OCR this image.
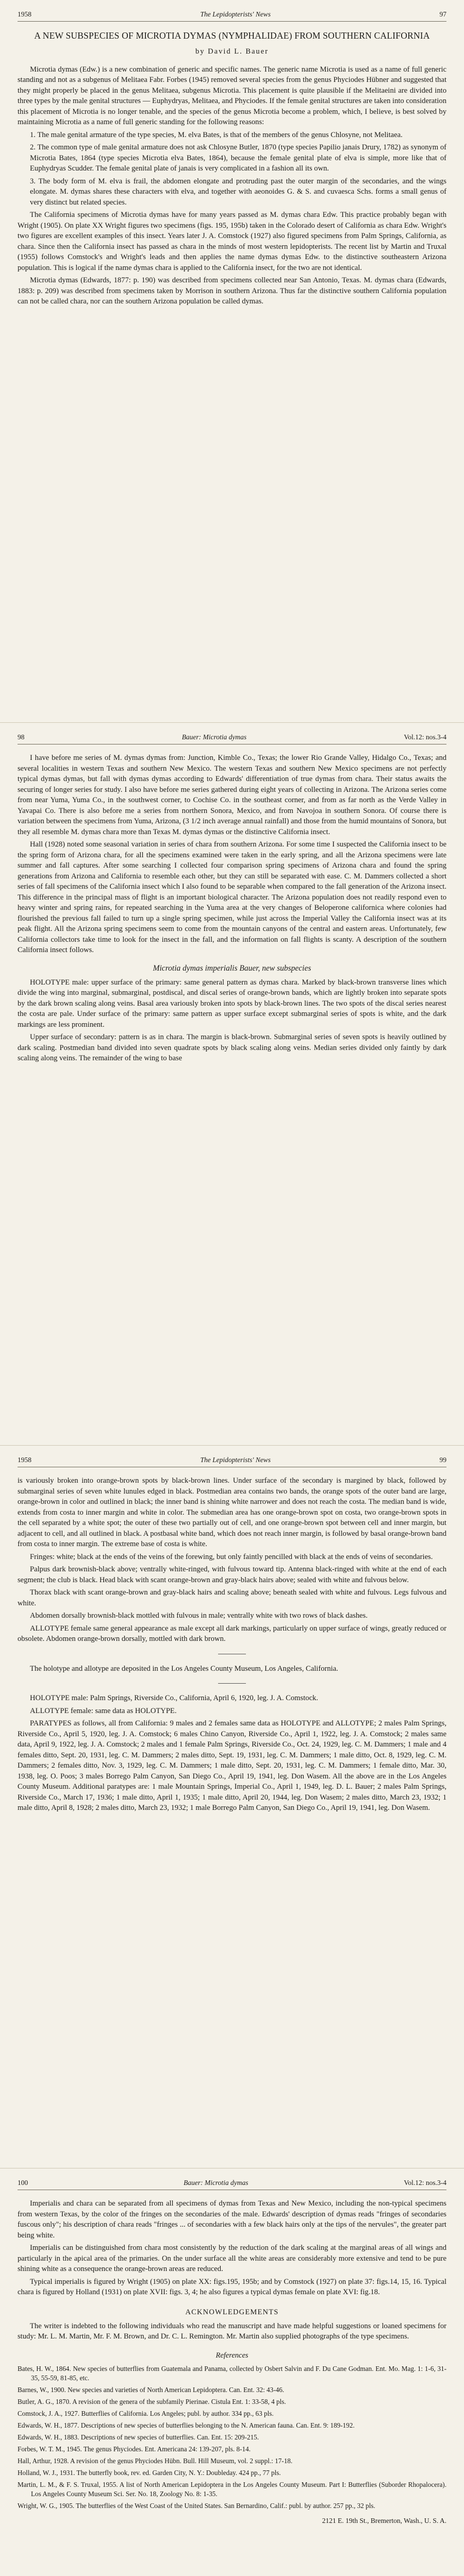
1958	The Lepidopterists' News	97
A NEW SUBSPECIES OF MICROTIA DYMAS (NYMPHALIDAE) FROM SOUTHERN CALIFORNIA
by David L. Bauer

Microtia dymas (Edw.) is a new combination of generic and specific names. The generic name Microtia is used as a name of full generic standing and not as a subgenus of Melitaea Fabr. Forbes (1945) removed several species from the genus Phyciodes Hübner and suggested that they might properly be placed in the genus Melitaea, subgenus Microtia. This placement is quite plausible if the Melitaeini are divided into three types by the male genital structures — Euphydryas, Melitaea, and Phyciodes. If the female genital structures are taken into consideration this placement of Microtia is no longer tenable, and the species of the genus Microtia become a problem, which, I believe, is best solved by maintaining Microtia as a name of full generic standing for the following reasons:

1. The male genital armature of the type species, M. elva Bates, is that of the members of the genus Chlosyne, not Melitaea.

2. The common type of male genital armature does not ask Chlosyne Butler, 1870 (type species Papilio janais Drury, 1782) as synonym of Microtia Bates, 1864 (type species Microtia elva Bates, 1864), because the female genital plate of elva is simple, more like that of Euphydryas Scudder. The female genital plate of janais is very complicated in a fashion all its own.

3. The body form of M. elva is frail, the abdomen elongate and protruding past the outer margin of the secondaries, and the wings elongate. M. dymas shares these characters with elva, and together with aeonoides G. & S. and cuvaesca Schs. forms a small genus of very distinct but related species.

The California specimens of Microtia dymas have for many years passed as M. dymas chara Edw. This practice probably began with Wright (1905). On plate XX Wright figures two specimens (figs. 195, 195b) taken in the Colorado desert of California as chara Edw. Wright's two figures are excellent examples of this insect. Years later J. A. Comstock (1927) also figured specimens from Palm Springs, California, as chara. Since then the California insect has passed as chara in the minds of most western lepidopterists. The recent list by Martin and Truxal (1955) follows Comstock's and Wright's leads and then applies the name dymas dymas Edw. to the distinctive southeastern Arizona population. This is logical if the name dymas chara is applied to the California insect, for the two are not identical.

Microtia dymas (Edwards, 1877: p. 190) was described from specimens collected near San Antonio, Texas. M. dymas chara (Edwards, 1883: p. 209) was described from specimens taken by Morrison in southern Arizona. Thus far the distinctive southern California population can not be called chara, nor can the southern Arizona population be called dymas.

98	Bauer: Microtia dymas	Vol.12: nos.3-4

I have before me series of M. dymas dymas from: Junction, Kimble Co., Texas; the lower Rio Grande Valley, Hidalgo Co., Texas; and several localities in western Texas and southern New Mexico. The western Texas and southern New Mexico specimens are not perfectly typical dymas dymas, but fall with dymas dymas according to Edwards' differentiation of true dymas from chara. Their status awaits the securing of longer series for study. I also have before me series gathered during eight years of collecting in Arizona. The Arizona series come from near Yuma, Yuma Co., in the southwest corner, to Cochise Co. in the southeast corner, and from as far north as the Verde Valley in Yavapai Co. There is also before me a series from northern Sonora, Mexico, and from Navojoa in southern Sonora. Of course there is variation between the specimens from Yuma, Arizona, (3 1/2 inch average annual rainfall) and those from the humid mountains of Sonora, but they all resemble M. dymas chara more than Texas M. dymas dymas or the distinctive California insect.

Hall (1928) noted some seasonal variation in series of chara from southern Arizona. For some time I suspected the California insect to be the spring form of Arizona chara, for all the specimens examined were taken in the early spring, and all the Arizona specimens were late summer and fall captures. After some searching I collected four comparison spring specimens of Arizona chara and found the spring generations from Arizona and California to resemble each other, but they can still be separated with ease. C. M. Dammers collected a short series of fall specimens of the California insect which I also found to be separable when compared to the fall generation of the Arizona insect. This difference in the principal mass of flight is an important biological character. The Arizona population does not readily respond even to heavy winter and spring rains, for repeated searching in the Yuma area at the very changes of Beloperone californica where colonies had flourished the previous fall failed to turn up a single spring specimen, while just across the Imperial Valley the California insect was at its peak flight. All the Arizona spring specimens seem to come from the mountain canyons of the central and eastern areas. Unfortunately, few California collectors take time to look for the insect in the fall, and the information on fall flights is scanty. A description of the southern California insect follows.

Microtia dymas imperialis Bauer, new subspecies

HOLOTYPE male: upper surface of the primary: same general pattern as dymas chara. Marked by black-brown transverse lines which divide the wing into marginal, submarginal, postdiscal, and discal series of orange-brown bands, which are lightly broken into separate spots by the dark brown scaling along veins. Basal area variously broken into spots by black-brown lines. The two spots of the discal series nearest the costa are pale. Under surface of the primary: same pattern as upper surface except submarginal series of spots is white, and the dark markings are less prominent.

Upper surface of secondary: pattern is as in chara. The margin is black-brown. Submarginal series of seven spots is heavily outlined by dark scaling. Postmedian band divided into seven quadrate spots by black scaling along veins. Median series divided only faintly by dark scaling along veins. The remainder of the wing to base

1958	The Lepidopterists' News	99

is variously broken into orange-brown spots by black-brown lines. Under surface of the secondary is margined by black, followed by submarginal series of seven white lunules edged in black. Postmedian area contains two bands, the orange spots of the outer band are large, orange-brown in color and outlined in black; the inner band is shining white narrower and does not reach the costa. The median band is wide, extends from costa to inner margin and white in color. The submedian area has one orange-brown spot on costa, two orange-brown spots in the cell separated by a white spot; the outer of these two partially out of cell, and one orange-brown spot between cell and inner margin, but adjacent to cell, and all outlined in black. A postbasal white band, which does not reach inner margin, is followed by basal orange-brown band from costa to inner margin. The extreme base of costa is white.

Fringes: white; black at the ends of the veins of the forewing, but only faintly pencilled with black at the ends of veins of secondaries.

Palpus dark brownish-black above; ventrally white-ringed, with fulvous toward tip. Antenna black-ringed with white at the end of each segment; the club is black. Head black with scant orange-brown and gray-black hairs above; sealed with white and fulvous below.

Thorax black with scant orange-brown and gray-black hairs and scaling above; beneath sealed with white and fulvous. Legs fulvous and white.

Abdomen dorsally brownish-black mottled with fulvous in male; ventrally white with two rows of black dashes.

ALLOTYPE female same general appearance as male except all dark markings, particularly on upper surface of wings, greatly reduced or obsolete. Abdomen orange-brown dorsally, mottled with dark brown.

The holotype and allotype are deposited in the Los Angeles County Museum, Los Angeles, California.

HOLOTYPE male: Palm Springs, Riverside Co., California, April 6, 1920, leg. J. A. Comstock.

ALLOTYPE female: same data as HOLOTYPE.

PARATYPES as follows, all from California: 9 males and 2 females same data as HOLOTYPE and ALLOTYPE; 2 males Palm Springs, Riverside Co., April 5, 1920, leg. J. A. Comstock; 6 males Chino Canyon, Riverside Co., April 1, 1922, leg. J. A. Comstock; 2 males same data, April 9, 1922, leg. J. A. Comstock; 2 males and 1 female Palm Springs, Riverside Co., Oct. 24, 1929, leg. C. M. Dammers; 1 male and 4 females ditto, Sept. 20, 1931, leg. C. M. Dammers; 2 males ditto, Sept. 19, 1931, leg. C. M. Dammers; 1 male ditto, Oct. 8, 1929, leg. C. M. Dammers; 2 females ditto, Nov. 3, 1929, leg. C. M. Dammers; 1 male ditto, Sept. 20, 1931, leg. C. M. Dammers; 1 female ditto, Mar. 30, 1938, leg. O. Poos; 3 males Borrego Palm Canyon, San Diego Co., April 19, 1941, leg. Don Wasem. All the above are in the Los Angeles County Museum. Additional paratypes are: 1 male Mountain Springs, Imperial Co., April 1, 1949, leg. D. L. Bauer; 2 males Palm Springs, Riverside Co., March 17, 1936; 1 male ditto, April 1, 1935; 1 male ditto, April 20, 1944, leg. Don Wasem; 2 males ditto, March 23, 1932; 1 male ditto, April 8, 1928; 2 males ditto, March 23, 1932; 1 male Borrego Palm Canyon, San Diego Co., April 19, 1941, leg. Don Wasem.

100	Bauer: Microtia dymas	Vol.12: nos.3-4

Imperialis and chara can be separated from all specimens of dymas from Texas and New Mexico, including the non-typical specimens from western Texas, by the color of the fringes on the secondaries of the male. Edwards' description of dymas reads "fringes of secondaries fuscous only"; his description of chara reads "fringes ... of secondaries with a few black hairs only at the tips of the nervules", the greater part being white.

Imperialis can be distinguished from chara most consistently by the reduction of the dark scaling at the marginal areas of all wings and particularly in the apical area of the primaries. On the under surface all the white areas are considerably more extensive and tend to be pure shining white as a consequence the orange-brown areas are reduced.

Typical imperialis is figured by Wright (1905) on plate XX: figs.195, 195b; and by Comstock (1927) on plate 37: figs.14, 15, 16. Typical chara is figured by Holland (1931) on plate XVII: figs. 3, 4; he also figures a typical dymas female on plate XVI: fig.18.

ACKNOWLEDGEMENTS

The writer is indebted to the following individuals who read the manuscript and have made helpful suggestions or loaned specimens for study: Mr. L. M. Martin, Mr. F. M. Brown, and Dr. C. L. Remington. Mr. Martin also supplied photographs of the type specimens.

References

Bates, H. W., 1864. New species of butterflies from Guatemala and Panama, collected by Osbert Salvin and F. Du Cane Godman. Ent. Mo. Mag. 1: 1-6, 31-35, 55-59, 81-85, etc.

Barnes, W., 1900. New species and varieties of North American Lepidoptera. Can. Ent. 32: 43-46.

Butler, A. G., 1870. A revision of the genera of the subfamily Pierinae. Cistula Ent. 1: 33-58, 4 pls.

Comstock, J. A., 1927. Butterflies of California. Los Angeles; publ. by author. 334 pp., 63 pls.

Edwards, W. H., 1877. Descriptions of new species of butterflies belonging to the N. American fauna. Can. Ent. 9: 189-192.

Edwards, W. H., 1883. Descriptions of new species of butterflies. Can. Ent. 15: 209-215.

Forbes, W. T. M., 1945. The genus Phyciodes. Ent. Americana 24: 139-207, pls. 8-14.

Hall, Arthur, 1928. A revision of the genus Phyciodes Hübn. Bull. Hill Museum, vol. 2 suppl.: 17-18.

Holland, W. J., 1931. The butterfly book, rev. ed. Garden City, N. Y.: Doubleday. 424 pp., 77 pls.

Martin, L. M., & F. S. Truxal, 1955. A list of North American Lepidoptera in the Los Angeles County Museum. Part I: Butterflies (Suborder Rhopalocera). Los Angeles County Museum Sci. Ser. No. 18, Zoology No. 8: 1-35.

Wright, W. G., 1905. The butterflies of the West Coast of the United States. San Bernardino, Calif.: publ. by author. 257 pp., 32 pls.

2121 E. 19th St., Bremerton, Wash., U. S. A.
